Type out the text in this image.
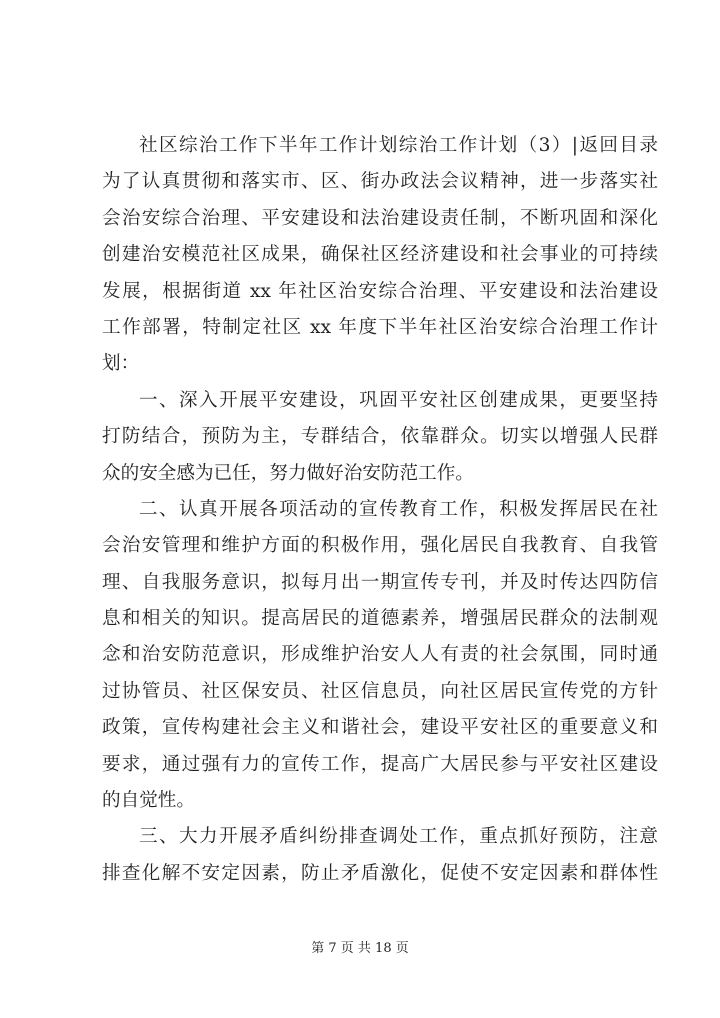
社区综治工作下半年工作计划综治工作计划（3）|返回目录
为了认真贯彻和落实市、区、街办政法会议精神，进一步落实社
会治安综合治理、平安建设和法治建设责任制，不断巩固和深化
创建治安模范社区成果，确保社区经济建设和社会事业的可持续
发展，根据街道 xx 年社区治安综合治理、平安建设和法治建设
工作部署，特制定社区 xx 年度下半年社区治安综合治理工作计
划：
一、深入开展平安建设，巩固平安社区创建成果，更要坚持
打防结合，预防为主，专群结合，依靠群众。切实以增强人民群
众的安全感为已任，努力做好治安防范工作。
二、认真开展各项活动的宣传教育工作，积极发挥居民在社
会治安管理和维护方面的积极作用，强化居民自我教育、自我管
理、自我服务意识，拟每月出一期宣传专刊，并及时传达四防信
息和相关的知识。提高居民的道德素养，增强居民群众的法制观
念和治安防范意识，形成维护治安人人有责的社会氛围，同时通
过协管员、社区保安员、社区信息员，向社区居民宣传党的方针
政策，宣传构建社会主义和谐社会，建设平安社区的重要意义和
要求，通过强有力的宣传工作，提高广大居民参与平安社区建设
的自觉性。
三、大力开展矛盾纠纷排查调处工作，重点抓好预防，注意
排查化解不安定因素，防止矛盾激化，促使不安定因素和群体性
第 7 页 共 18 页
